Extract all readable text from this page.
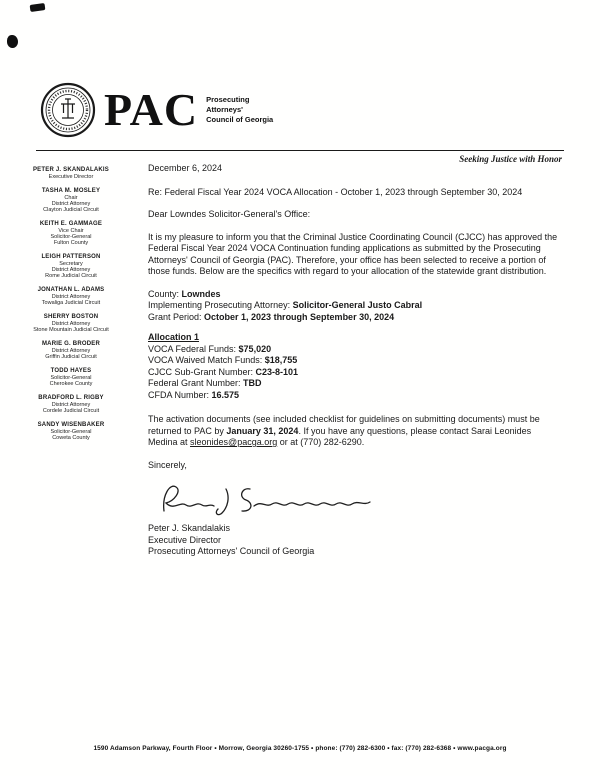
PAC Prosecuting
Attorneys'
Council of Georgia
Seeking Justice with Honor
PETER J. SKANDALAKIS
Executive Director
TASHA M. MOSLEY
Chair
District Attorney
Clayton Judicial Circuit
KEITH E. GAMMAGE
Vice Chair
Solicitor-General
Fulton County
LEIGH PATTERSON
Secretary
District Attorney
Rome Judicial Circuit
JONATHAN L. ADAMS
District Attorney
Towaliga Judicial Circuit
SHERRY BOSTON
District Attorney
Stone Mountain Judicial Circuit
MARIE G. BRODER
District Attorney
Griffin Judicial Circuit
TODD HAYES
Solicitor-General
Cherokee County
BRADFORD L. RIGBY
District Attorney
Cordele Judicial Circuit
SANDY WISENBAKER
Solicitor-General
Coweta County
December 6, 2024
Re: Federal Fiscal Year 2024 VOCA Allocation - October 1, 2023 through September 30, 2024
Dear Lowndes Solicitor-General's Office:

It is my pleasure to inform you that the Criminal Justice Coordinating Council (CJCC) has approved the Federal Fiscal Year 2024 VOCA Continuation funding applications as submitted by the Prosecuting Attorneys' Council of Georgia (PAC). Therefore, your office has been selected to receive a portion of those funds. Below are the specifics with regard to your allocation of the statewide grant distribution.

County: Lowndes
Implementing Prosecuting Attorney: Solicitor-General Justo Cabral
Grant Period: October 1, 2023 through September 30, 2024
Allocation 1
VOCA Federal Funds: $75,020
VOCA Waived Match Funds: $18,755
CJCC Sub-Grant Number: C23-8-101
Federal Grant Number: TBD
CFDA Number: 16.575

The activation documents (see included checklist for guidelines on submitting documents) must be returned to PAC by January 31, 2024. If you have any questions, please contact Sarai Leonides Medina at sleonides@pacga.org or at (770) 282-6290.

Sincerely,
Peter J. Skandalakis
Executive Director
Prosecuting Attorneys' Council of Georgia
1590 Adamson Parkway, Fourth Floor • Morrow, Georgia 30260-1755 • phone: (770) 282-6300 • fax: (770) 282-6368 • www.pacga.org
